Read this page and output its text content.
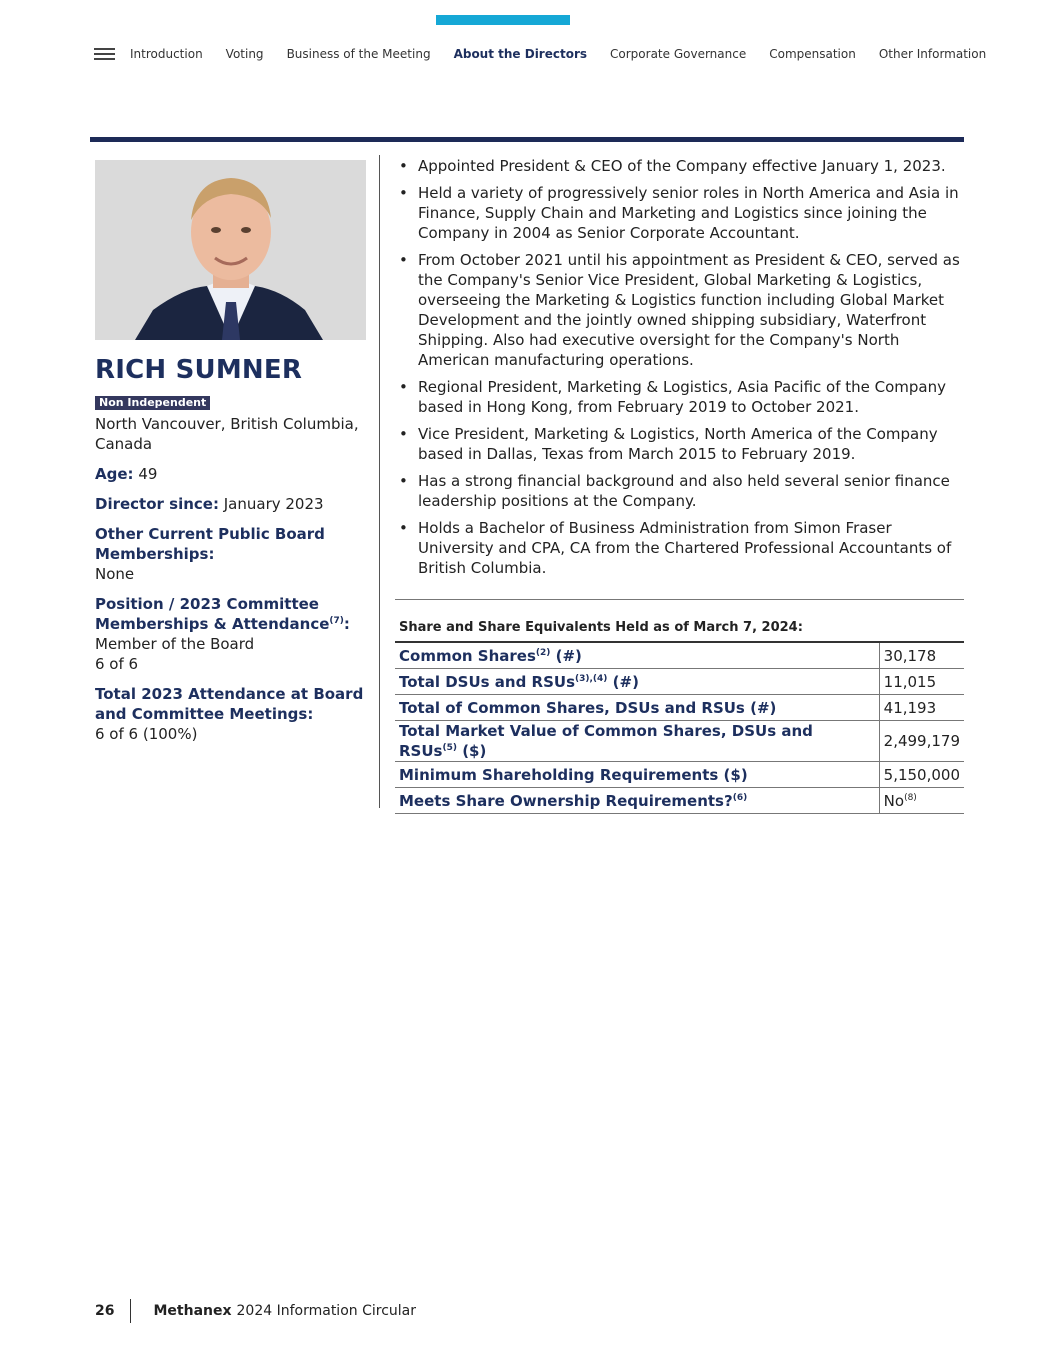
Introduction Voting Business of the Meeting About the Directors Corporate Governance Compensation Other Information
RICH SUMNER
Non Independent
North Vancouver, British Columbia, Canada
Age: 49
Director since: January 2023
Other Current Public Board Memberships:
None
Position / 2023 Committee Memberships & Attendance$^{(7)}$:
Member of the Board
6 of 6
Total 2023 Attendance at Board and Committee Meetings:
6 of 6 (100%)
• Appointed President & CEO of the Company effective January 1, 2023.
• Held a variety of progressively senior roles in North America and Asia in Finance, Supply Chain and Marketing and Logistics since joining the Company in 2004 as Senior Corporate Accountant.
• From October 2021 until his appointment as President & CEO, served as the Company's Senior Vice President, Global Marketing & Logistics, overseeing the Marketing & Logistics function including Global Market Development and the jointly owned shipping subsidiary, Waterfront Shipping. Also had executive oversight for the Company's North American manufacturing operations.
• Regional President, Marketing & Logistics, Asia Pacific of the Company based in Hong Kong, from February 2019 to October 2021.
• Vice President, Marketing & Logistics, North America of the Company based in Dallas, Texas from March 2015 to February 2019.
• Has a strong financial background and also held several senior finance leadership positions at the Company.
• Holds a Bachelor of Business Administration from Simon Fraser University and CPA, CA from the Chartered Professional Accountants of British Columbia.
Share and Share Equivalents Held as of March 7, 2024:
Common Shares$^{(2)}$ (#)	30,178
Total DSUs and RSUs$^{(3),(4)}$ (#)	11,015
Total of Common Shares, DSUs and RSUs (#)	41,193
Total Market Value of Common Shares, DSUs and RSUs$^{(5)}$ ($)	2,499,179
Minimum Shareholding Requirements ($)	5,150,000
Meets Share Ownership Requirements?$^{(6)}$	No$^{(8)}$
26	Methanex 2024 Information Circular
